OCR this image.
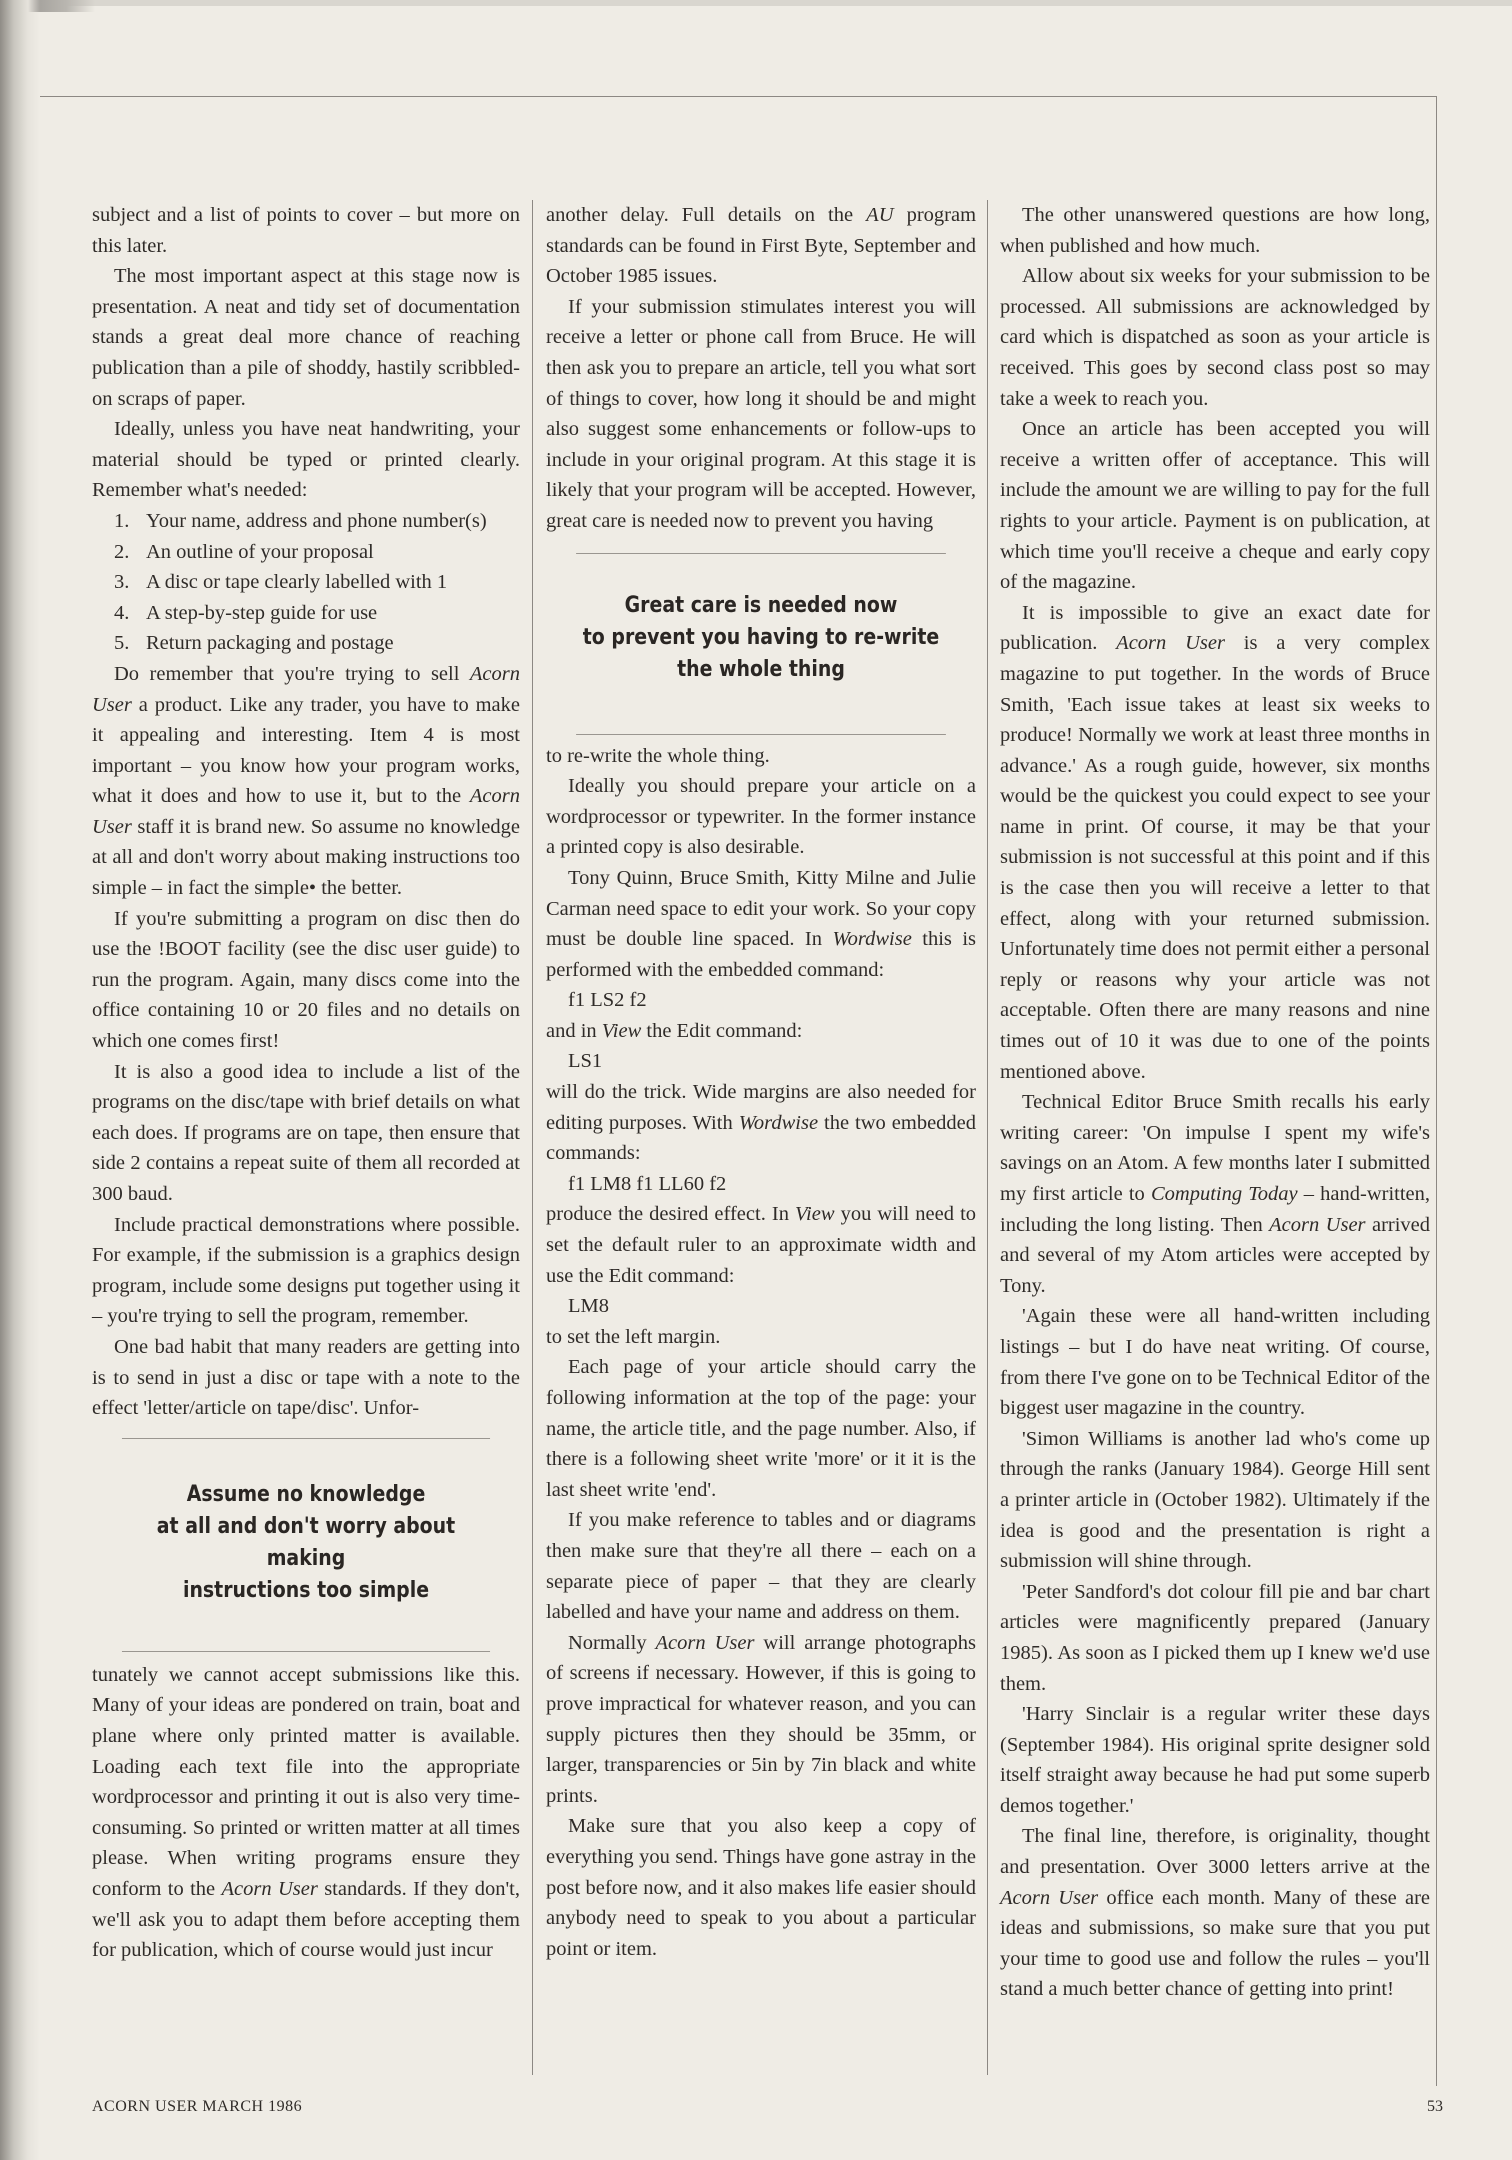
subject and a list of points to cover – but more on this later.

The most important aspect at this stage now is presentation. A neat and tidy set of documentation stands a great deal more chance of reaching publication than a pile of shoddy, hastily scribbled-on scraps of paper.

Ideally, unless you have neat handwriting, your material should be typed or printed clearly. Remember what's needed:

1. Your name, address and phone number(s)
2. An outline of your proposal
3. A disc or tape clearly labelled with 1
4. A step-by-step guide for use
5. Return packaging and postage

Do remember that you're trying to sell Acorn User a product. Like any trader, you have to make it appealing and interesting. Item 4 is most important – you know how your program works, what it does and how to use it, but to the Acorn User staff it is brand new. So assume no knowledge at all and don't worry about making instructions too simple – in fact the simple• the better.

If you're submitting a program on disc then do use the !BOOT facility (see the disc user guide) to run the program. Again, many discs come into the office containing 10 or 20 files and no details on which one comes first!

It is also a good idea to include a list of the programs on the disc/tape with brief details on what each does. If programs are on tape, then ensure that side 2 contains a repeat suite of them all recorded at 300 baud.

Include practical demonstrations where possible. For example, if the submission is a graphics design program, include some designs put together using it – you're trying to sell the program, remember.

One bad habit that many readers are getting into is to send in just a disc or tape with a note to the effect 'letter/article on tape/disc'. Unfor-

Assume no knowledge
at all and don't worry about making
instructions too simple

tunately we cannot accept submissions like this. Many of your ideas are pondered on train, boat and plane where only printed matter is available. Loading each text file into the appropriate wordprocessor and printing it out is also very time-consuming. So printed or written matter at all times please. When writing programs ensure they conform to the Acorn User standards. If they don't, we'll ask you to adapt them before accepting them for publication, which of course would just incur

another delay. Full details on the AU program standards can be found in First Byte, September and October 1985 issues.

If your submission stimulates interest you will receive a letter or phone call from Bruce. He will then ask you to prepare an article, tell you what sort of things to cover, how long it should be and might also suggest some enhancements or follow-ups to include in your original program. At this stage it is likely that your program will be accepted. However, great care is needed now to prevent you having

Great care is needed now
to prevent you having to re-write
the whole thing

to re-write the whole thing.

Ideally you should prepare your article on a wordprocessor or typewriter. In the former instance a printed copy is also desirable.

Tony Quinn, Bruce Smith, Kitty Milne and Julie Carman need space to edit your work. So your copy must be double line spaced. In Wordwise this is performed with the embedded command:

f1 LS2 f2

and in View the Edit command:

LS1

will do the trick. Wide margins are also needed for editing purposes. With Wordwise the two embedded commands:

f1 LM8 f1 LL60 f2

produce the desired effect. In View you will need to set the default ruler to an approximate width and use the Edit command:

LM8

to set the left margin.

Each page of your article should carry the following information at the top of the page: your name, the article title, and the page number. Also, if there is a following sheet write 'more' or it it is the last sheet write 'end'.

If you make reference to tables and or diagrams then make sure that they're all there – each on a separate piece of paper – that they are clearly labelled and have your name and address on them.

Normally Acorn User will arrange photographs of screens if necessary. However, if this is going to prove impractical for whatever reason, and you can supply pictures then they should be 35mm, or larger, transparencies or 5in by 7in black and white prints.

Make sure that you also keep a copy of everything you send. Things have gone astray in the post before now, and it also makes life easier should anybody need to speak to you about a particular point or item.

The other unanswered questions are how long, when published and how much.

Allow about six weeks for your submission to be processed. All submissions are acknowledged by card which is dispatched as soon as your article is received. This goes by second class post so may take a week to reach you.

Once an article has been accepted you will receive a written offer of acceptance. This will include the amount we are willing to pay for the full rights to your article. Payment is on publication, at which time you'll receive a cheque and early copy of the magazine.

It is impossible to give an exact date for publication. Acorn User is a very complex magazine to put together. In the words of Bruce Smith, 'Each issue takes at least six weeks to produce! Normally we work at least three months in advance.' As a rough guide, however, six months would be the quickest you could expect to see your name in print. Of course, it may be that your submission is not successful at this point and if this is the case then you will receive a letter to that effect, along with your returned submission. Unfortunately time does not permit either a personal reply or reasons why your article was not acceptable. Often there are many reasons and nine times out of 10 it was due to one of the points mentioned above.

Technical Editor Bruce Smith recalls his early writing career: 'On impulse I spent my wife's savings on an Atom. A few months later I submitted my first article to Computing Today – hand-written, including the long listing. Then Acorn User arrived and several of my Atom articles were accepted by Tony.

'Again these were all hand-written including listings – but I do have neat writing. Of course, from there I've gone on to be Technical Editor of the biggest user magazine in the country.

'Simon Williams is another lad who's come up through the ranks (January 1984). George Hill sent a printer article in (October 1982). Ultimately if the idea is good and the presentation is right a submission will shine through.

'Peter Sandford's dot colour fill pie and bar chart articles were magnificently prepared (January 1985). As soon as I picked them up I knew we'd use them.

'Harry Sinclair is a regular writer these days (September 1984). His original sprite designer sold itself straight away because he had put some superb demos together.'

The final line, therefore, is originality, thought and presentation. Over 3000 letters arrive at the Acorn User office each month. Many of these are ideas and submissions, so make sure that you put your time to good use and follow the rules – you'll stand a much better chance of getting into print!

ACORN USER MARCH 1986	53
